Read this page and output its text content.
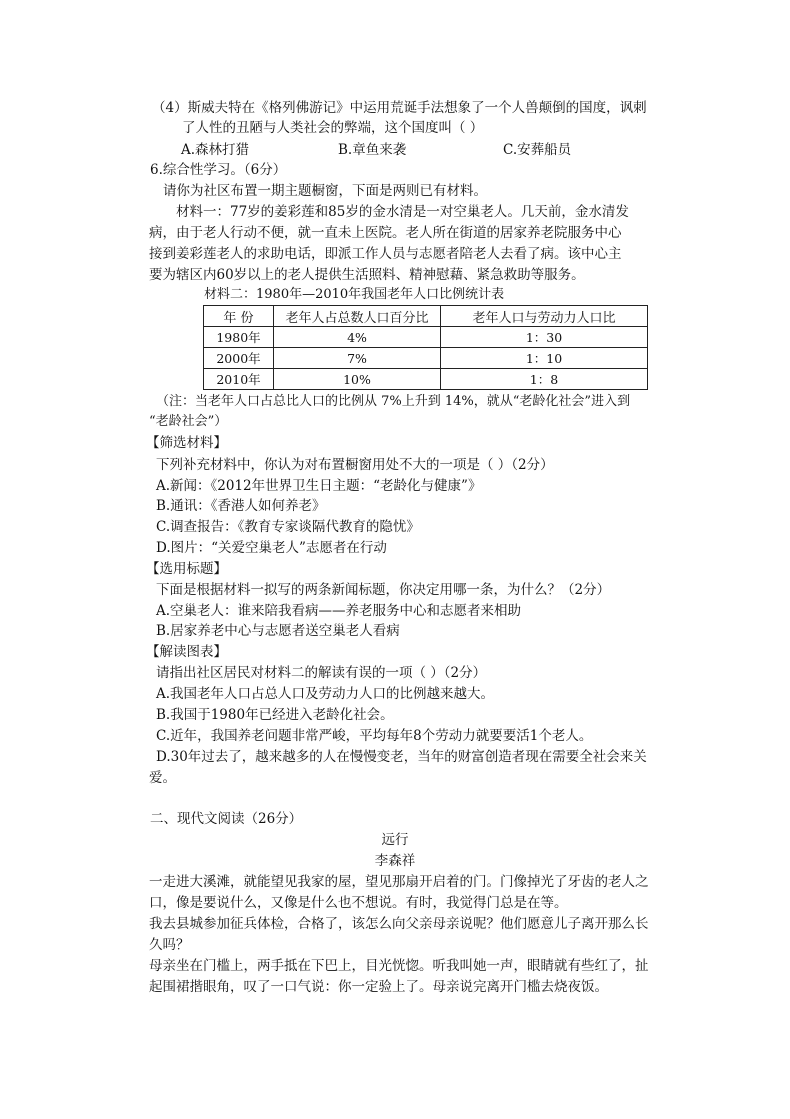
（4）斯威夫特在《格列佛游记》中运用荒诞手法想象了一个人兽颠倒的国度，讽刺
了人性的丑陋与人类社会的弊端，这个国度叫（ ）
A.森林打猎	B.章鱼来袭	C.安葬船员
6.综合性学习。（6分）
请你为社区布置一期主题橱窗，下面是两则已有材料。
材料一：77岁的姜彩莲和85岁的金水清是一对空巢老人。几天前，金水清发
病，由于老人行动不便，就一直未上医院。老人所在街道的居家养老院服务中心
接到姜彩莲老人的求助电话，即派工作人员与志愿者陪老人去看了病。该中心主
要为辖区内60岁以上的老人提供生活照料、精神慰藉、紧急救助等服务。
材料二：1980年—2010年我国老年人口比例统计表
年 份	老年人占总数人口百分比	老年人口与劳动力人口比
1980年	4%	1：30
2000年	7%	1：10
2010年	10%	1：8
（注：当老年人口占总比人口的比例从 7%上升到 14%，就从“老龄化社会”进入到
“老龄社会”）
【筛选材料】
下列补充材料中，你认为对布置橱窗用处不大的一项是（ ）（2分）
A.新闻：《2012年世界卫生日主题：“老龄化与健康”》
B.通讯：《香港人如何养老》
C.调查报告：《教育专家谈隔代教育的隐忧》
D.图片：“关爱空巢老人”志愿者在行动
【选用标题】
下面是根据材料一拟写的两条新闻标题，你决定用哪一条，为什么？（2分）
A.空巢老人：谁来陪我看病——养老服务中心和志愿者来相助
B.居家养老中心与志愿者送空巢老人看病
【解读图表】
请指出社区居民对材料二的解读有误的一项（ ）（2分）
A.我国老年人口占总人口及劳动力人口的比例越来越大。
B.我国于1980年已经进入老龄化社会。
C.近年，我国养老问题非常严峻，平均每年8个劳动力就要要活1个老人。
D.30年过去了，越来越多的人在慢慢变老，当年的财富创造者现在需要全社会来关
爱。
二、现代文阅读（26分）
远行
李森祥
一走进大溪滩，就能望见我家的屋，望见那扇开启着的门。门像掉光了牙齿的老人之
口，像是要说什么，又像是什么也不想说。有时，我觉得门总是在等。
我去县城参加征兵体检，合格了，该怎么向父亲母亲说呢？他们愿意儿子离开那么长
久吗？
母亲坐在门槛上，两手抵在下巴上，目光恍惚。听我叫她一声，眼睛就有些红了，扯
起围裙揩眼角，叹了一口气说：你一定验上了。母亲说完离开门槛去烧夜饭。
